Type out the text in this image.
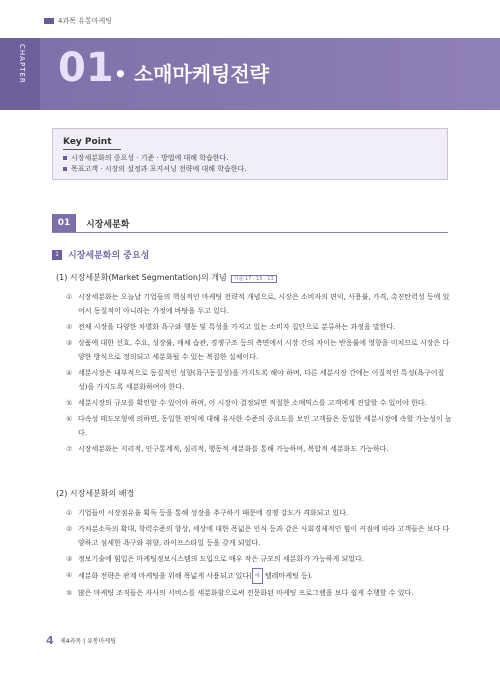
4과목 유통마케팅
CHAPTER 01 • 소매마케팅전략
Key Point
시장세분화의 중요성 · 기준 · 방법에 대해 학습한다.
목표고객 · 시장의 설정과 포지셔닝 전략에 대해 학습한다.
01	시장세분화
1	시장세분화의 중요성
(1) 시장세분화(Market Segmentation)의 개념 기출 17 · 15 · 13
① 시장세분화는 오늘날 기업들의 핵심적인 마케팅 전략적 개념으로, 시장은 소비자의 편익, 사용률, 가격, 촉진탄력성 등에 있어서 동질적이 아니라는 가정에 바탕을 두고 있다.
② 전체 시장을 다양한 차별화 욕구와 행동 및 특성을 가지고 있는 소비자 집단으로 분류하는 과정을 말한다.
③ 상품에 대한 선호, 수요, 성장률, 매체 습관, 경쟁구조 등의 측면에서 시장 간의 차이는 반응률에 영향을 미치므로 시장은 다양한 방식으로 정의되고 세분화될 수 있는 복잡한 실체이다.
④ 세분시장은 내부적으로 동질적인 성향(욕구동질성)을 가지도록 해야 하며, 다른 세분시장 간에는 이질적인 특성(욕구이질성)을 가지도록 세분화하여야 한다.
⑤ 세분시장의 규모를 확인할 수 있어야 하며, 이 시장이 결정되면 적절한 소매믹스를 고객에게 전달할 수 있어야 한다.
⑥ 다속성 태도모형에 의하면, 동일한 편익에 대해 유사한 수준의 중요도를 보인 고객들은 동일한 세분시장에 속할 가능성이 높다.
⑦ 시장세분화는 지리적, 인구통계적, 심리적, 행동적 세분화를 통해 가능하며, 복합적 세분화도 가능하다.
(2) 시장세분화의 배경
① 기업들이 시장점유율 획득 등을 통해 성장을 추구하기 때문에 경쟁 강도가 격화되고 있다.
② 가처분소득의 확대, 학력수준의 향상, 세상에 대한 폭넓은 인식 등과 같은 사회경제적인 힘이 커짐에 따라 고객들은 보다 다양하고 섬세한 욕구와 취향, 라이프스타일 등을 갖게 되었다.
③ 정보기술에 힘입은 마케팅정보시스템의 도입으로 매우 작은 규모의 세분화가 가능하게 되었다.
④ 세분화 전략은 관계 마케팅을 위해 폭넓게 사용되고 있다( 예 텔레마케팅 등).
⑤ 많은 마케팅 조직들은 자사의 서비스를 세분화함으로써 전문화된 마케팅 프로그램을 보다 쉽게 수행할 수 있다.
4 제4과목 | 유통마케팅
